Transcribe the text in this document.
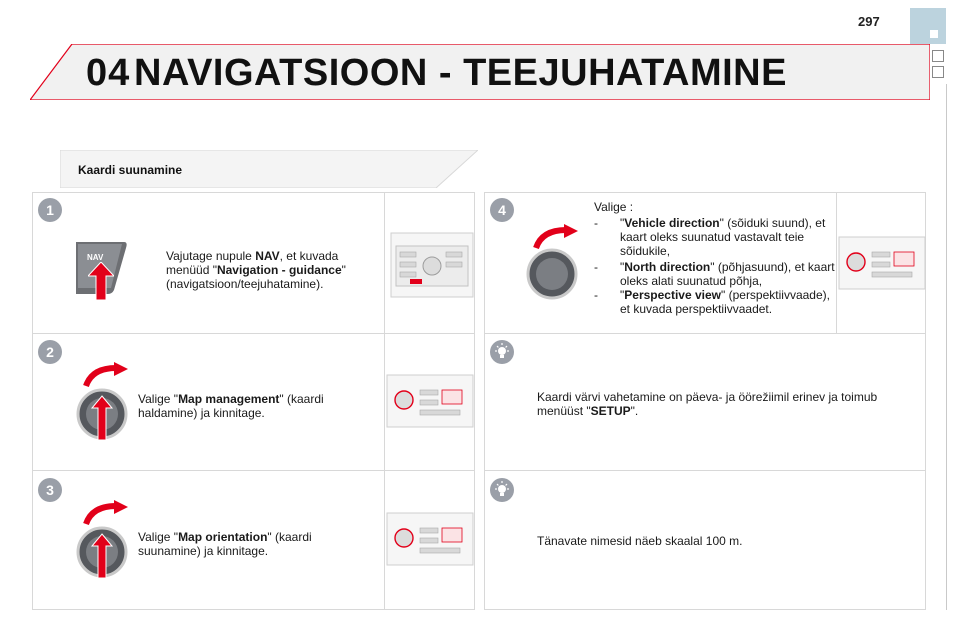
297
04 NAVIGATSIOON - TEEJUHATAMINE
Kaardi suunamine
1
NAV	Vajutage nupule NAV, et kuvada menüüd "Navigation - guidance" (navigatsioon/teejuhatamine).
2
Valige "Map management" (kaardi haldamine) ja kinnitage.
3
Valige "Map orientation" (kaardi suunamine) ja kinnitage.
4	Valige :
- "Vehicle direction" (sõiduki suund), et kaart oleks suunatud vastavalt teie sõidukile,
- "North direction" (põhjasuund), et kaart oleks alati suunatud põhja,
- "Perspective view" (perspektiivvaade), et kuvada perspektiivvaadet.
Kaardi värvi vahetamine on päeva- ja öörežiimil erinev ja toimub menüüst "SETUP".
Tänavate nimesid näeb skaalal 100 m.
